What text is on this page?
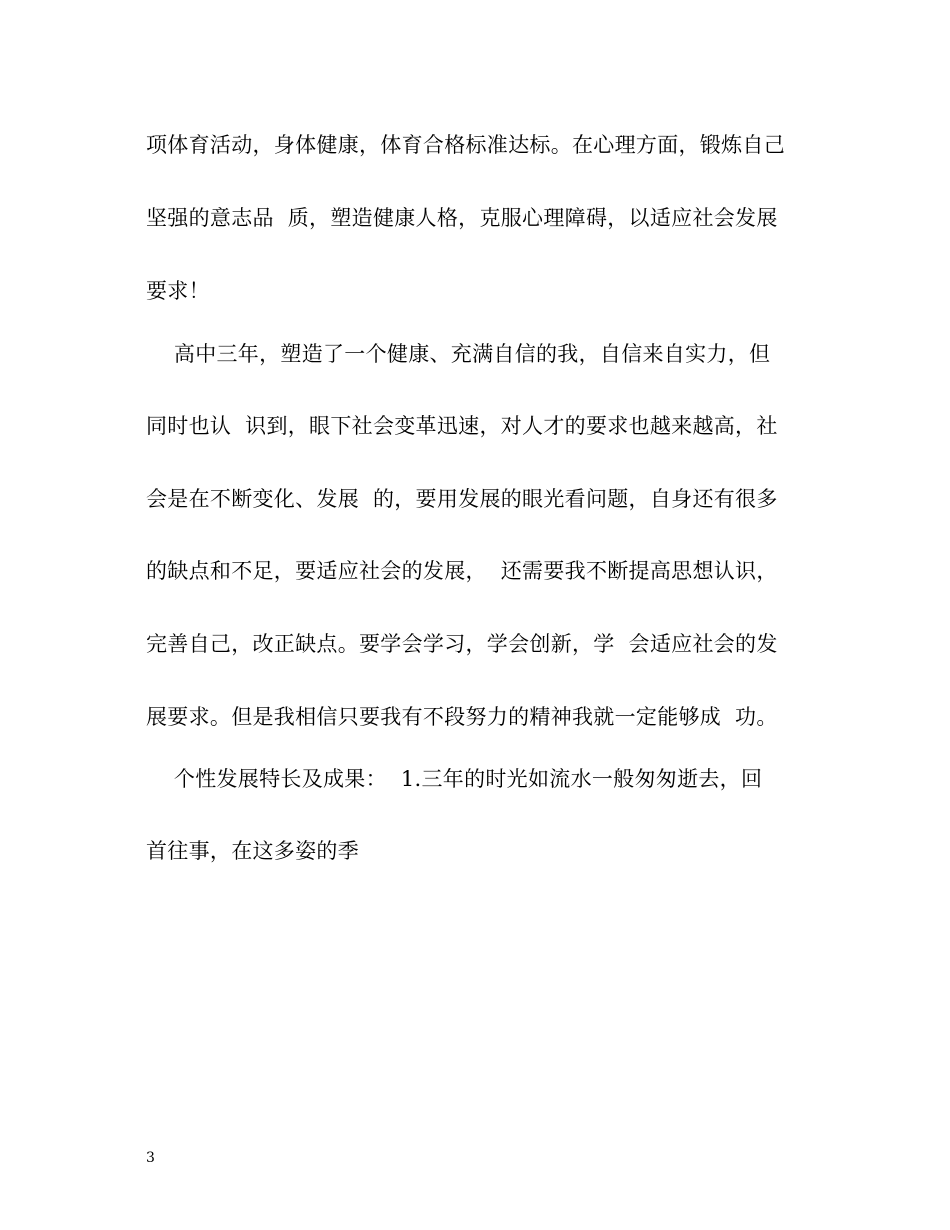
项体育活动，身体健康，体育合格标准达标。在心理方面，锻炼自己
坚强的意志品  质，塑造健康人格，克服心理障碍，以适应社会发展
要求！
高中三年，塑造了一个健康、充满自信的我，自信来自实力，但
同时也认  识到，眼下社会变革迅速，对人才的要求也越来越高，社
会是在不断变化、发展  的，要用发展的眼光看问题，自身还有很多
的缺点和不足，要适应社会的发展，  还需要我不断提高思想认识，
完善自己，改正缺点。要学会学习，学会创新，学  会适应社会的发
展要求。但是我相信只要我有不段努力的精神我就一定能够成  功。
个性发展特长及成果：  1.三年的时光如流水一般匆匆逝去，回
首往事，在这多姿的季
3
